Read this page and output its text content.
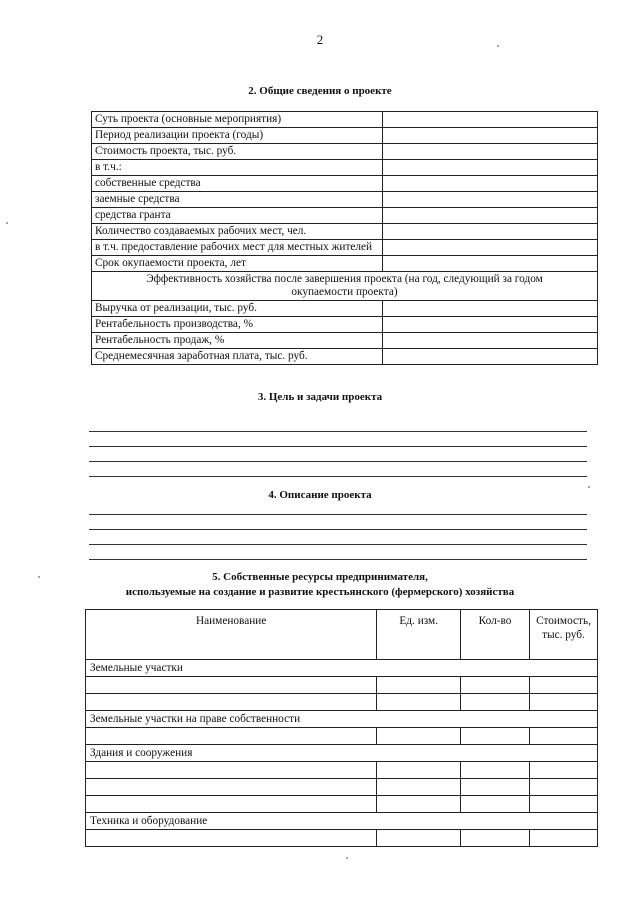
2
2. Общие сведения о проекте
Суть проекта (основные мероприятия)	
Период реализации проекта (годы)	
Стоимость проекта, тыс. руб.	
в т.ч.:	
собственные средства	
заемные средства	
средства гранта	
Количество создаваемых рабочих мест, чел.	
в т.ч. предоставление рабочих мест для местных жителей	
Срок окупаемости проекта, лет	
Эффективность хозяйства после завершения проекта (на год, следующий за годом окупаемости проекта)	
Выручка от реализации, тыс. руб.	
Рентабельность производства, %	
Рентабельность продаж, %	
Среднемесячная заработная плата, тыс. руб.	
3. Цель и задачи проекта
4. Описание проекта
5. Собственные ресурсы предпринимателя,
используемые на создание и развитие крестьянского (фермерского) хозяйства
Наименование	Ед. изм.	Кол-во	Стоимость, тыс. руб.
Земельные участки			

Земельные участки на праве собственности			

Здания и сооружения			

Техника и оборудование			
